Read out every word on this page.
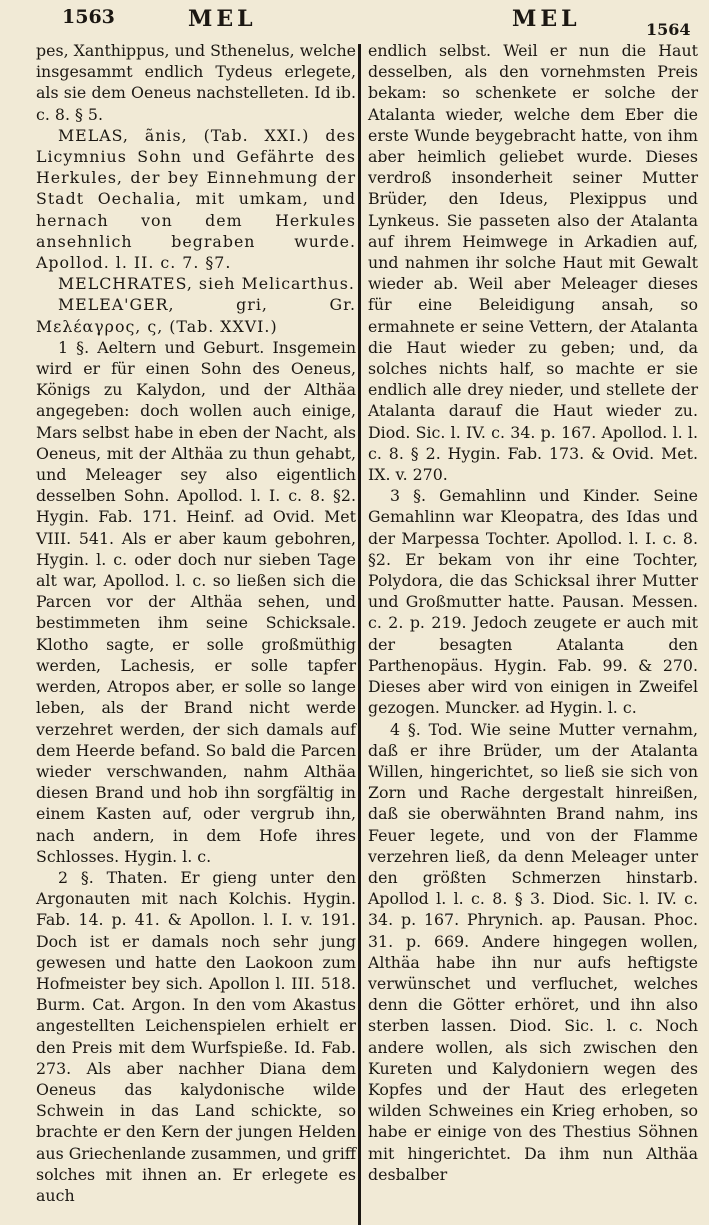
1563	MEL	MEL	1564

pes, Xanthippus, und Sthenelus, welche insgesammt endlich Tydeus erlegete, als sie dem Oeneus nachstelleten. Id ib. c. 8. § 5.

MELAS, ãnis, (Tab. XXI.) des Licymnius Sohn und Gefährte des Herkules, der bey Einnehmung der Stadt Oechalia, mit umkam, und hernach von dem Herkules ansehnlich begraben wurde. Apollod. l. II. c. 7. §7.

MELCHRATES, sieh Melicarthus.

MELEA'GER, gri, Gr. Μελέαγρος, ς, (Tab. XXVI.)

1 §. Aeltern und Geburt. Insgemein wird er für einen Sohn des Oeneus, Königs zu Kalydon, und der Althäa angegeben: doch wollen auch einige, Mars selbst habe in eben der Nacht, als Oeneus, mit der Althäa zu thun gehabt, und Meleager sey also eigentlich desselben Sohn. Apollod. l. I. c. 8. §2. Hygin. Fab. 171. Heinf. ad Ovid. Met VIII. 541. Als er aber kaum gebohren, Hygin. l. c. oder doch nur sieben Tage alt war, Apollod. l. c. so ließen sich die Parcen vor der Althäa sehen, und bestimmeten ihm seine Schicksale. Klotho sagte, er solle großmüthig werden, Lachesis, er solle tapfer werden, Atropos aber, er solle so lange leben, als der Brand nicht werde verzehret werden, der sich damals auf dem Heerde befand. So bald die Parcen wieder verschwanden, nahm Althäa diesen Brand und hob ihn sorgfältig in einem Kasten auf, oder vergrub ihn, nach andern, in dem Hofe ihres Schlosses. Hygin. l. c.

2 §. Thaten. Er gieng unter den Argonauten mit nach Kolchis. Hygin. Fab. 14. p. 41. & Apollon. l. I. v. 191. Doch ist er damals noch sehr jung gewesen und hatte den Laokoon zum Hofmeister bey sich. Apollon l. III. 518. Burm. Cat. Argon. In den vom Akastus angestellten Leichenspielen erhielt er den Preis mit dem Wurfspieße. Id. Fab. 273. Als aber nachher Diana dem Oeneus das kalydonische wilde Schwein in das Land schickte, so brachte er den Kern der jungen Helden aus Griechenlande zusammen, und griff solches mit ihnen an. Er erlegete es auch

endlich selbst. Weil er nun die Haut desselben, als den vornehmsten Preis bekam: so schenkete er solche der Atalanta wieder, welche dem Eber die erste Wunde beygebracht hatte, von ihm aber heimlich geliebet wurde. Dieses verdroß insonderheit seiner Mutter Brüder, den Ideus, Plexippus und Lynkeus. Sie passeten also der Atalanta auf ihrem Heimwege in Arkadien auf, und nahmen ihr solche Haut mit Gewalt wieder ab. Weil aber Meleager dieses für eine Beleidigung ansah, so ermahnete er seine Vettern, der Atalanta die Haut wieder zu geben; und, da solches nichts half, so machte er sie endlich alle drey nieder, und stellete der Atalanta darauf die Haut wieder zu. Diod. Sic. l. IV. c. 34. p. 167. Apollod. l. l. c. 8. § 2. Hygin. Fab. 173. & Ovid. Met. IX. v. 270.

3 §. Gemahlinn und Kinder. Seine Gemahlinn war Kleopatra, des Idas und der Marpessa Tochter. Apollod. l. I. c. 8. §2. Er bekam von ihr eine Tochter, Polydora, die das Schicksal ihrer Mutter und Großmutter hatte. Pausan. Messen. c. 2. p. 219. Jedoch zeugete er auch mit der besagten Atalanta den Parthenopäus. Hygin. Fab. 99. & 270. Dieses aber wird von einigen in Zweifel gezogen. Muncker. ad Hygin. l. c.

4 §. Tod. Wie seine Mutter vernahm, daß er ihre Brüder, um der Atalanta Willen, hingerichtet, so ließ sie sich von Zorn und Rache dergestalt hinreißen, daß sie oberwähnten Brand nahm, ins Feuer legete, und von der Flamme verzehren ließ, da denn Meleager unter den größten Schmerzen hinstarb. Apollod l. l. c. 8. § 3. Diod. Sic. l. IV. c. 34. p. 167. Phrynich. ap. Pausan. Phoc. 31. p. 669. Andere hingegen wollen, Althäa habe ihn nur aufs heftigste verwünschet und verfluchet, welches denn die Götter erhöret, und ihn also sterben lassen. Diod. Sic. l. c. Noch andere wollen, als sich zwischen den Kureten und Kalydoniern wegen des Kopfes und der Haut des erlegeten wilden Schweines ein Krieg erhoben, so habe er einige von des Thestius Söhnen mit hingerichtet. Da ihm nun Althäa desbalber
